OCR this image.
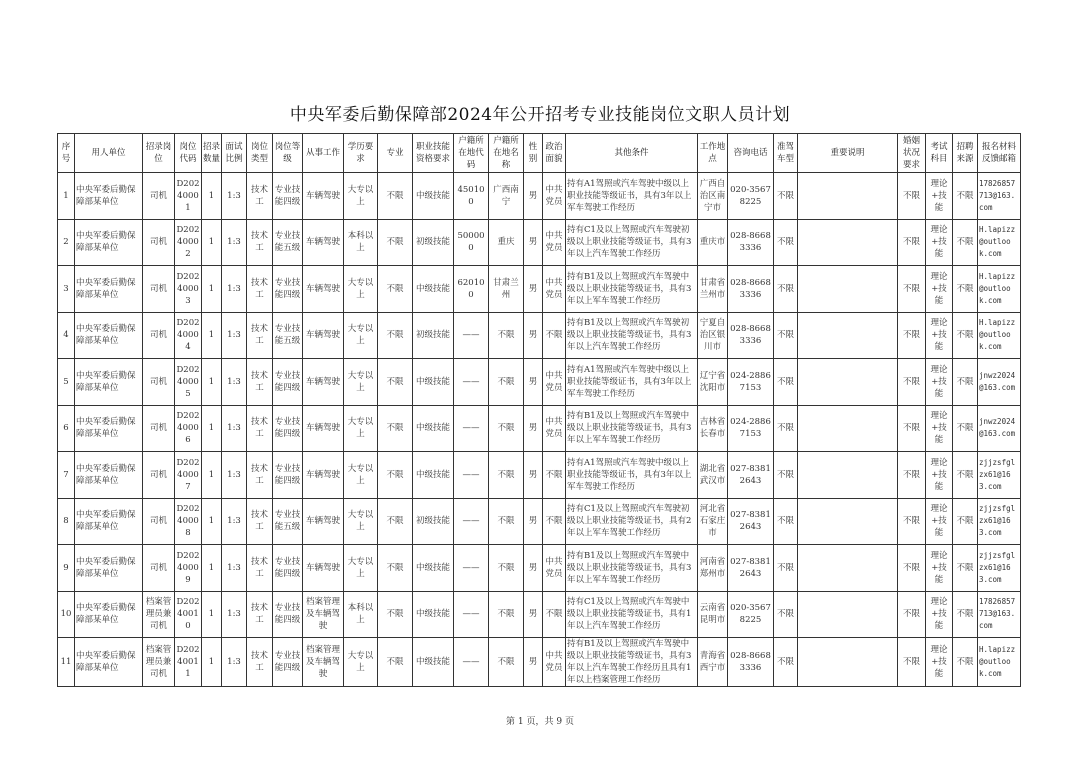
中央军委后勤保障部2024年公开招考专业技能岗位文职人员计划
序号	用人单位	招录岗位	岗位代码	招录数量	面试比例	岗位类型	岗位等级	从事工作	学历要求	专业	职业技能资格要求	户籍所在地代码	户籍所在地名称	性别	政治面貌	其他条件	工作地点	咨询电话	准驾车型	重要说明	婚姻状况要求	考试科目	招聘来源	报名材料反馈邮箱
1	中央军委后勤保障部某单位	司机	D20240001	1	1:3	技术工	专业技能四级	车辆驾驶	大专以上	不限	中级技能	450100	广西南宁	男	中共党员	持有A1驾照或汽车驾驶中级以上职业技能等级证书，具有3年以上军车驾驶工作经历	广西自治区南宁市	020-35678225	不限		不限	理论+技能	不限	17826857713@163.com
2	中央军委后勤保障部某单位	司机	D20240002	1	1:3	技术工	专业技能五级	车辆驾驶	本科以上	不限	初级技能	500000	重庆	男	中共党员	持有C1及以上驾照或汽车驾驶初级以上职业技能等级证书，具有3年以上汽车驾驶工作经历	重庆市	028-86683336	不限		不限	理论+技能	不限	H.lapizz@outlook.com
3	中央军委后勤保障部某单位	司机	D20240003	1	1:3	技术工	专业技能四级	车辆驾驶	大专以上	不限	中级技能	620100	甘肃兰州	男	中共党员	持有B1及以上驾照或汽车驾驶中级以上职业技能等级证书，具有3年以上军车驾驶工作经历	甘肃省兰州市	028-86683336	不限		不限	理论+技能	不限	H.lapizz@outlook.com
4	中央军委后勤保障部某单位	司机	D20240004	1	1:3	技术工	专业技能五级	车辆驾驶	大专以上	不限	初级技能	——	不限	男	不限	持有B1及以上驾照或汽车驾驶初级以上职业技能等级证书，具有3年以上汽车驾驶工作经历	宁夏自治区银川市	028-86683336	不限		不限	理论+技能	不限	H.lapizz@outlook.com
5	中央军委后勤保障部某单位	司机	D20240005	1	1:3	技术工	专业技能四级	车辆驾驶	大专以上	不限	中级技能	——	不限	男	中共党员	持有A1驾照或汽车驾驶中级以上职业技能等级证书，具有3年以上军车驾驶工作经历	辽宁省沈阳市	024-28867153	不限		不限	理论+技能	不限	jnwz2024@163.com
6	中央军委后勤保障部某单位	司机	D20240006	1	1:3	技术工	专业技能四级	车辆驾驶	大专以上	不限	中级技能	——	不限	男	中共党员	持有B1及以上驾照或汽车驾驶中级以上职业技能等级证书，具有3年以上军车驾驶工作经历	吉林省长春市	024-28867153	不限		不限	理论+技能	不限	jnwz2024@163.com
7	中央军委后勤保障部某单位	司机	D20240007	1	1:3	技术工	专业技能四级	车辆驾驶	大专以上	不限	中级技能	——	不限	男	不限	持有A1驾照或汽车驾驶中级以上职业技能等级证书，具有3年以上军车驾驶工作经历	湖北省武汉市	027-83812643	不限		不限	理论+技能	不限	zjjzsfglzx61@163.com
8	中央军委后勤保障部某单位	司机	D20240008	1	1:3	技术工	专业技能五级	车辆驾驶	大专以上	不限	初级技能	——	不限	男	不限	持有C1及以上驾照或汽车驾驶初级以上职业技能等级证书，具有2年以上军车驾驶工作经历	河北省石家庄市	027-83812643	不限		不限	理论+技能	不限	zjjzsfglzx61@163.com
9	中央军委后勤保障部某单位	司机	D20240009	1	1:3	技术工	专业技能四级	车辆驾驶	大专以上	不限	中级技能	——	不限	男	中共党员	持有B1及以上驾照或汽车驾驶中级以上职业技能等级证书，具有3年以上军车驾驶工作经历	河南省郑州市	027-83812643	不限		不限	理论+技能	不限	zjjzsfglzx61@163.com
10	中央军委后勤保障部某单位	档案管理员兼司机	D20240010	1	1:3	技术工	专业技能四级	档案管理及车辆驾驶	本科以上	不限	中级技能	——	不限	男	不限	持有C1及以上驾照或汽车驾驶中级以上职业技能等级证书，具有1年以上汽车驾驶工作经历	云南省昆明市	020-35678225	不限		不限	理论+技能	不限	17826857713@163.com
11	中央军委后勤保障部某单位	档案管理员兼司机	D20240011	1	1:3	技术工	专业技能四级	档案管理及车辆驾驶	大专以上	不限	中级技能	——	不限	男	中共党员	持有B1及以上驾照或汽车驾驶中级以上职业技能等级证书，具有3年以上汽车驾驶工作经历且具有1年以上档案管理工作经历	青海省西宁市	028-86683336	不限		不限	理论+技能	不限	H.lapizz@outlook.com
第 1 页，共 9 页
